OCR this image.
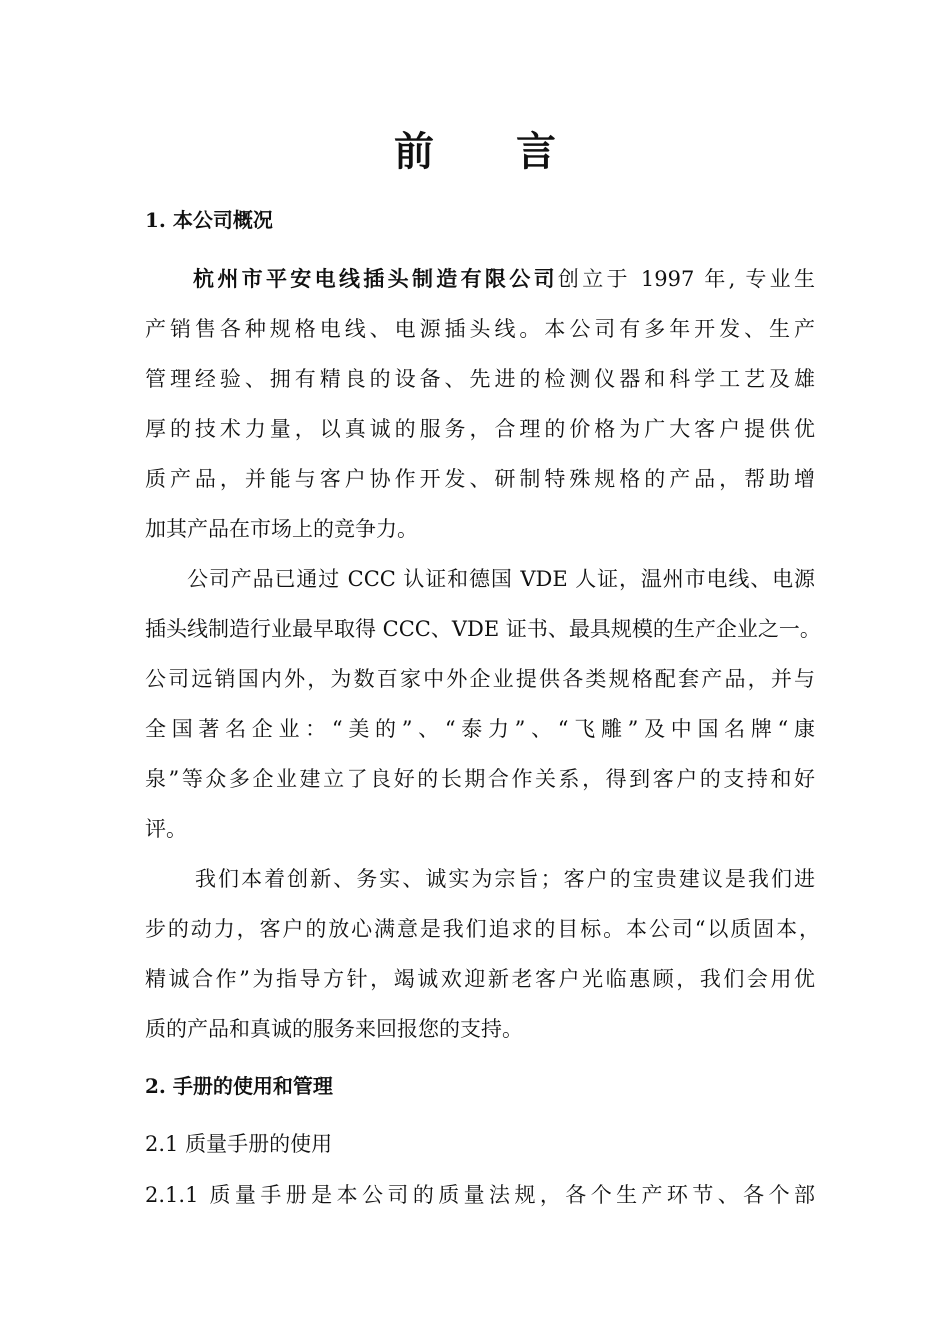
前 言
1. 本公司概况
杭州市平安电线插头制造有限公司创立于 1997 年, 专业生
产销售各种规格电线、电源插头线。本公司有多年开发、生产
管理经验、拥有精良的设备、先进的检测仪器和科学工艺及雄
厚的技术力量，以真诚的服务，合理的价格为广大客户提供优
质产品，并能与客户协作开发、研制特殊规格的产品，帮助增
加其产品在市场上的竞争力。
公司产品已通过 CCC 认证和德国 VDE 人证，温州市电线、电源
插头线制造行业最早取得 CCC、VDE 证书、最具规模的生产企业之一。
公司远销国内外，为数百家中外企业提供各类规格配套产品，并与
全国著名企业：“美的”、“泰力”、“飞雕”及中国名牌“康
泉”等众多企业建立了良好的长期合作关系，得到客户的支持和好
评。
我们本着创新、务实、诚实为宗旨；客户的宝贵建议是我们进
步的动力，客户的放心满意是我们追求的目标。本公司“以质固本，
精诚合作”为指导方针，竭诚欢迎新老客户光临惠顾，我们会用优
质的产品和真诚的服务来回报您的支持。
2. 手册的使用和管理
2.1 质量手册的使用
2.1.1 质量手册是本公司的质量法规，各个生产环节、各个部
